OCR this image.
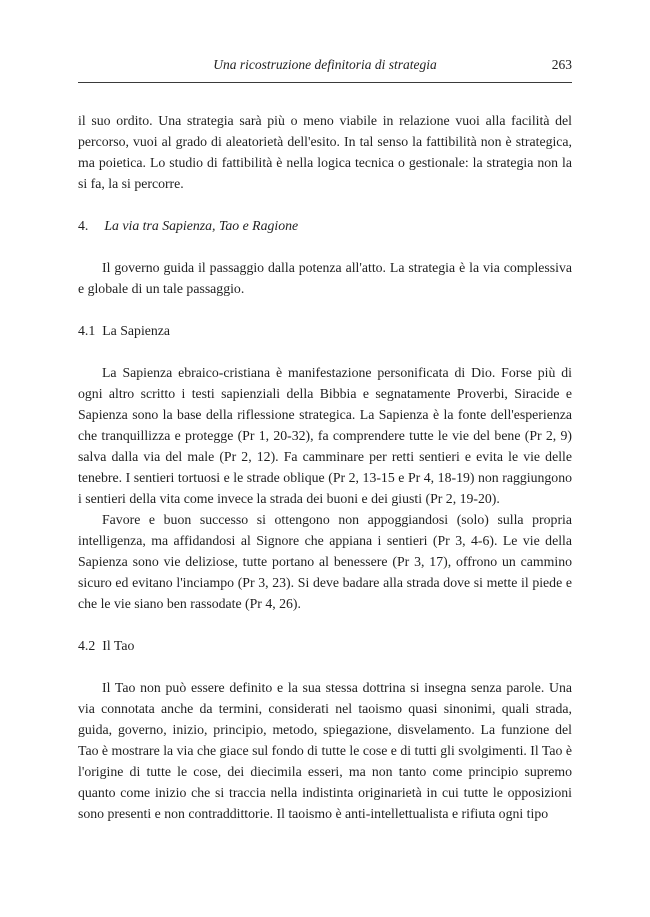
Una ricostruzione definitoria di strategia	263

il suo ordito. Una strategia sarà più o meno viabile in relazione vuoi alla facilità del percorso, vuoi al grado di aleatorietà dell'esito. In tal senso la fattibilità non è strategica, ma poietica. Lo studio di fattibilità è nella logica tecnica o gestionale: la strategia non la si fa, la si percorre.

4. La via tra Sapienza, Tao e Ragione

Il governo guida il passaggio dalla potenza all'atto. La strategia è la via complessiva e globale di un tale passaggio.

4.1 La Sapienza

La Sapienza ebraico-cristiana è manifestazione personificata di Dio. Forse più di ogni altro scritto i testi sapienziali della Bibbia e segnatamente Proverbi, Siracide e Sapienza sono la base della riflessione strategica. La Sapienza è la fonte dell'esperienza che tranquillizza e protegge (Pr 1, 20-32), fa comprendere tutte le vie del bene (Pr 2, 9) salva dalla via del male (Pr 2, 12). Fa camminare per retti sentieri e evita le vie delle tenebre. I sentieri tortuosi e le strade oblique (Pr 2, 13-15 e Pr 4, 18-19) non raggiungono i sentieri della vita come invece la strada dei buoni e dei giusti (Pr 2, 19-20).

Favore e buon successo si ottengono non appoggiandosi (solo) sulla propria intelligenza, ma affidandosi al Signore che appiana i sentieri (Pr 3, 4-6). Le vie della Sapienza sono vie deliziose, tutte portano al benessere (Pr 3, 17), offrono un cammino sicuro ed evitano l'inciampo (Pr 3, 23). Si deve badare alla strada dove si mette il piede e che le vie siano ben rassodate (Pr 4, 26).

4.2 Il Tao

Il Tao non può essere definito e la sua stessa dottrina si insegna senza parole. Una via connotata anche da termini, considerati nel taoismo quasi sinonimi, quali strada, guida, governo, inizio, principio, metodo, spiegazione, disvelamento. La funzione del Tao è mostrare la via che giace sul fondo di tutte le cose e di tutti gli svolgimenti. Il Tao è l'origine di tutte le cose, dei diecimila esseri, ma non tanto come principio supremo quanto come inizio che si traccia nella indistinta originarietà in cui tutte le opposizioni sono presenti e non contraddittorie. Il taoismo è anti-intellettualista e rifiuta ogni tipo
